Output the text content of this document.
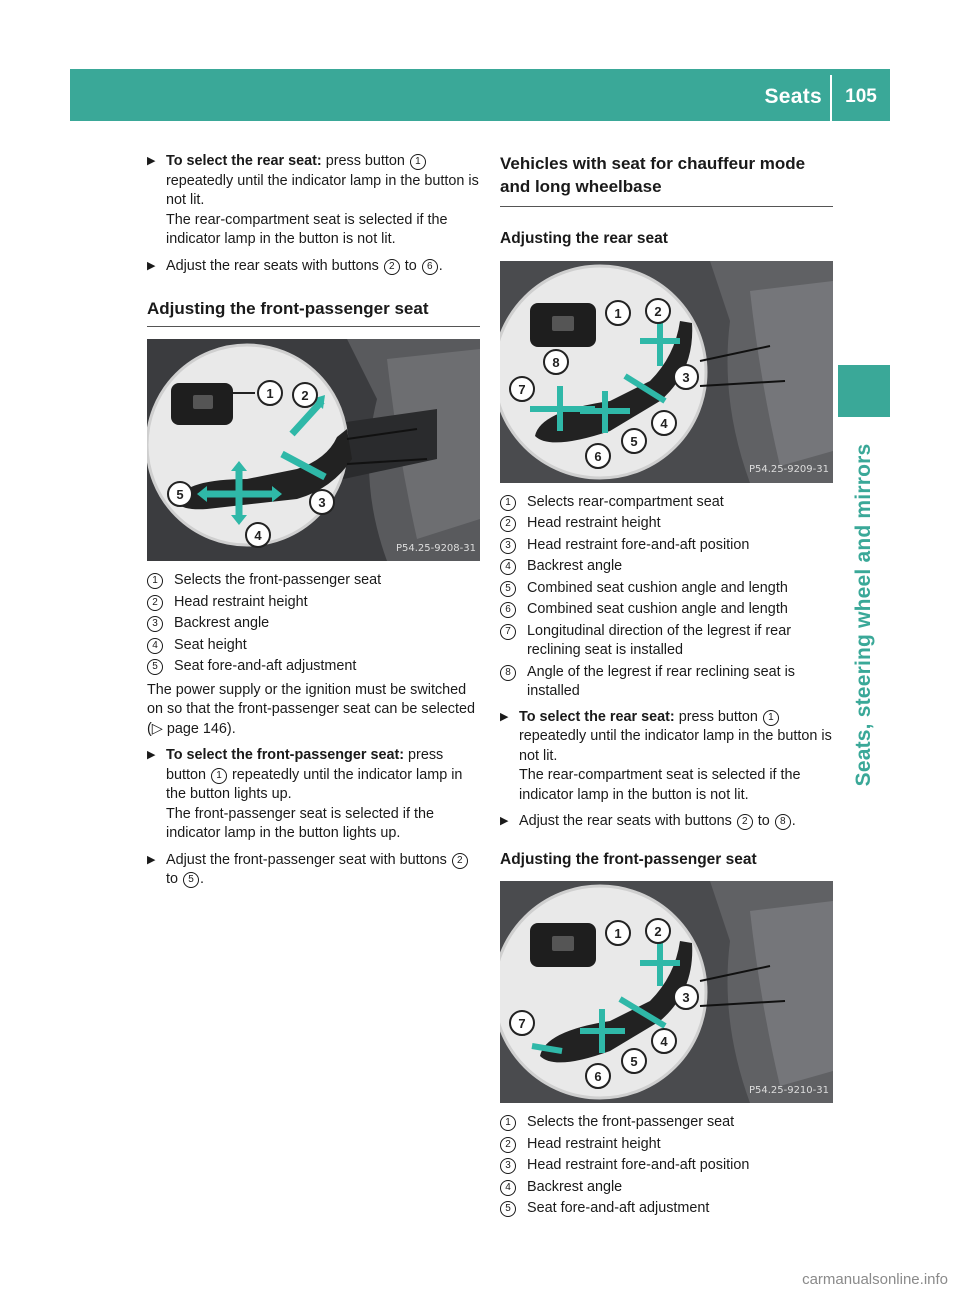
Seats	105
Seats, steering wheel and mirrors
▶ To select the rear seat: press button 1 repeatedly until the indicator lamp in the button is not lit.
The rear-compartment seat is selected if the indicator lamp in the button is not lit.
▶ Adjust the rear seats with buttons 2 to 6 .
Adjusting the front-passenger seat
1 2
3
4
5
P54.25-9208-31
1	Selects the front-passenger seat
2	Head restraint height
3	Backrest angle
4	Seat height
5	Seat fore-and-aft adjustment

The power supply or the ignition must be switched on so that the front-passenger seat can be selected (▷ page 146).

▶ To select the front-passenger seat: press button 1 repeatedly until the indicator lamp in the button lights up.
The front-passenger seat is selected if the indicator lamp in the button lights up.
▶ Adjust the front-passenger seat with buttons 2 to 5 .
Vehicles with seat for chauffeur mode and long wheelbase
Adjusting the rear seat
1	2
3
4
5
6
7
8
P54.25-9209-31
1	Selects rear-compartment seat
2	Head restraint height
3	Head restraint fore-and-aft position
4	Backrest angle
5	Combined seat cushion angle and length
6	Combined seat cushion angle and length
7	Longitudinal direction of the legrest if rear reclining seat is installed
8	Angle of the legrest if rear reclining seat is installed
▶ To select the rear seat: press button 1 repeatedly until the indicator lamp in the button is not lit.
The rear-compartment seat is selected if the indicator lamp in the button is not lit.
▶ Adjust the rear seats with buttons 2 to 8 .
Adjusting the front-passenger seat
1	2
3
4
5
6
7
P54.25-9210-31
1	Selects the front-passenger seat
2	Head restraint height
3	Head restraint fore-and-aft position
4	Backrest angle
5	Seat fore-and-aft adjustment
carmanualsonline.info
